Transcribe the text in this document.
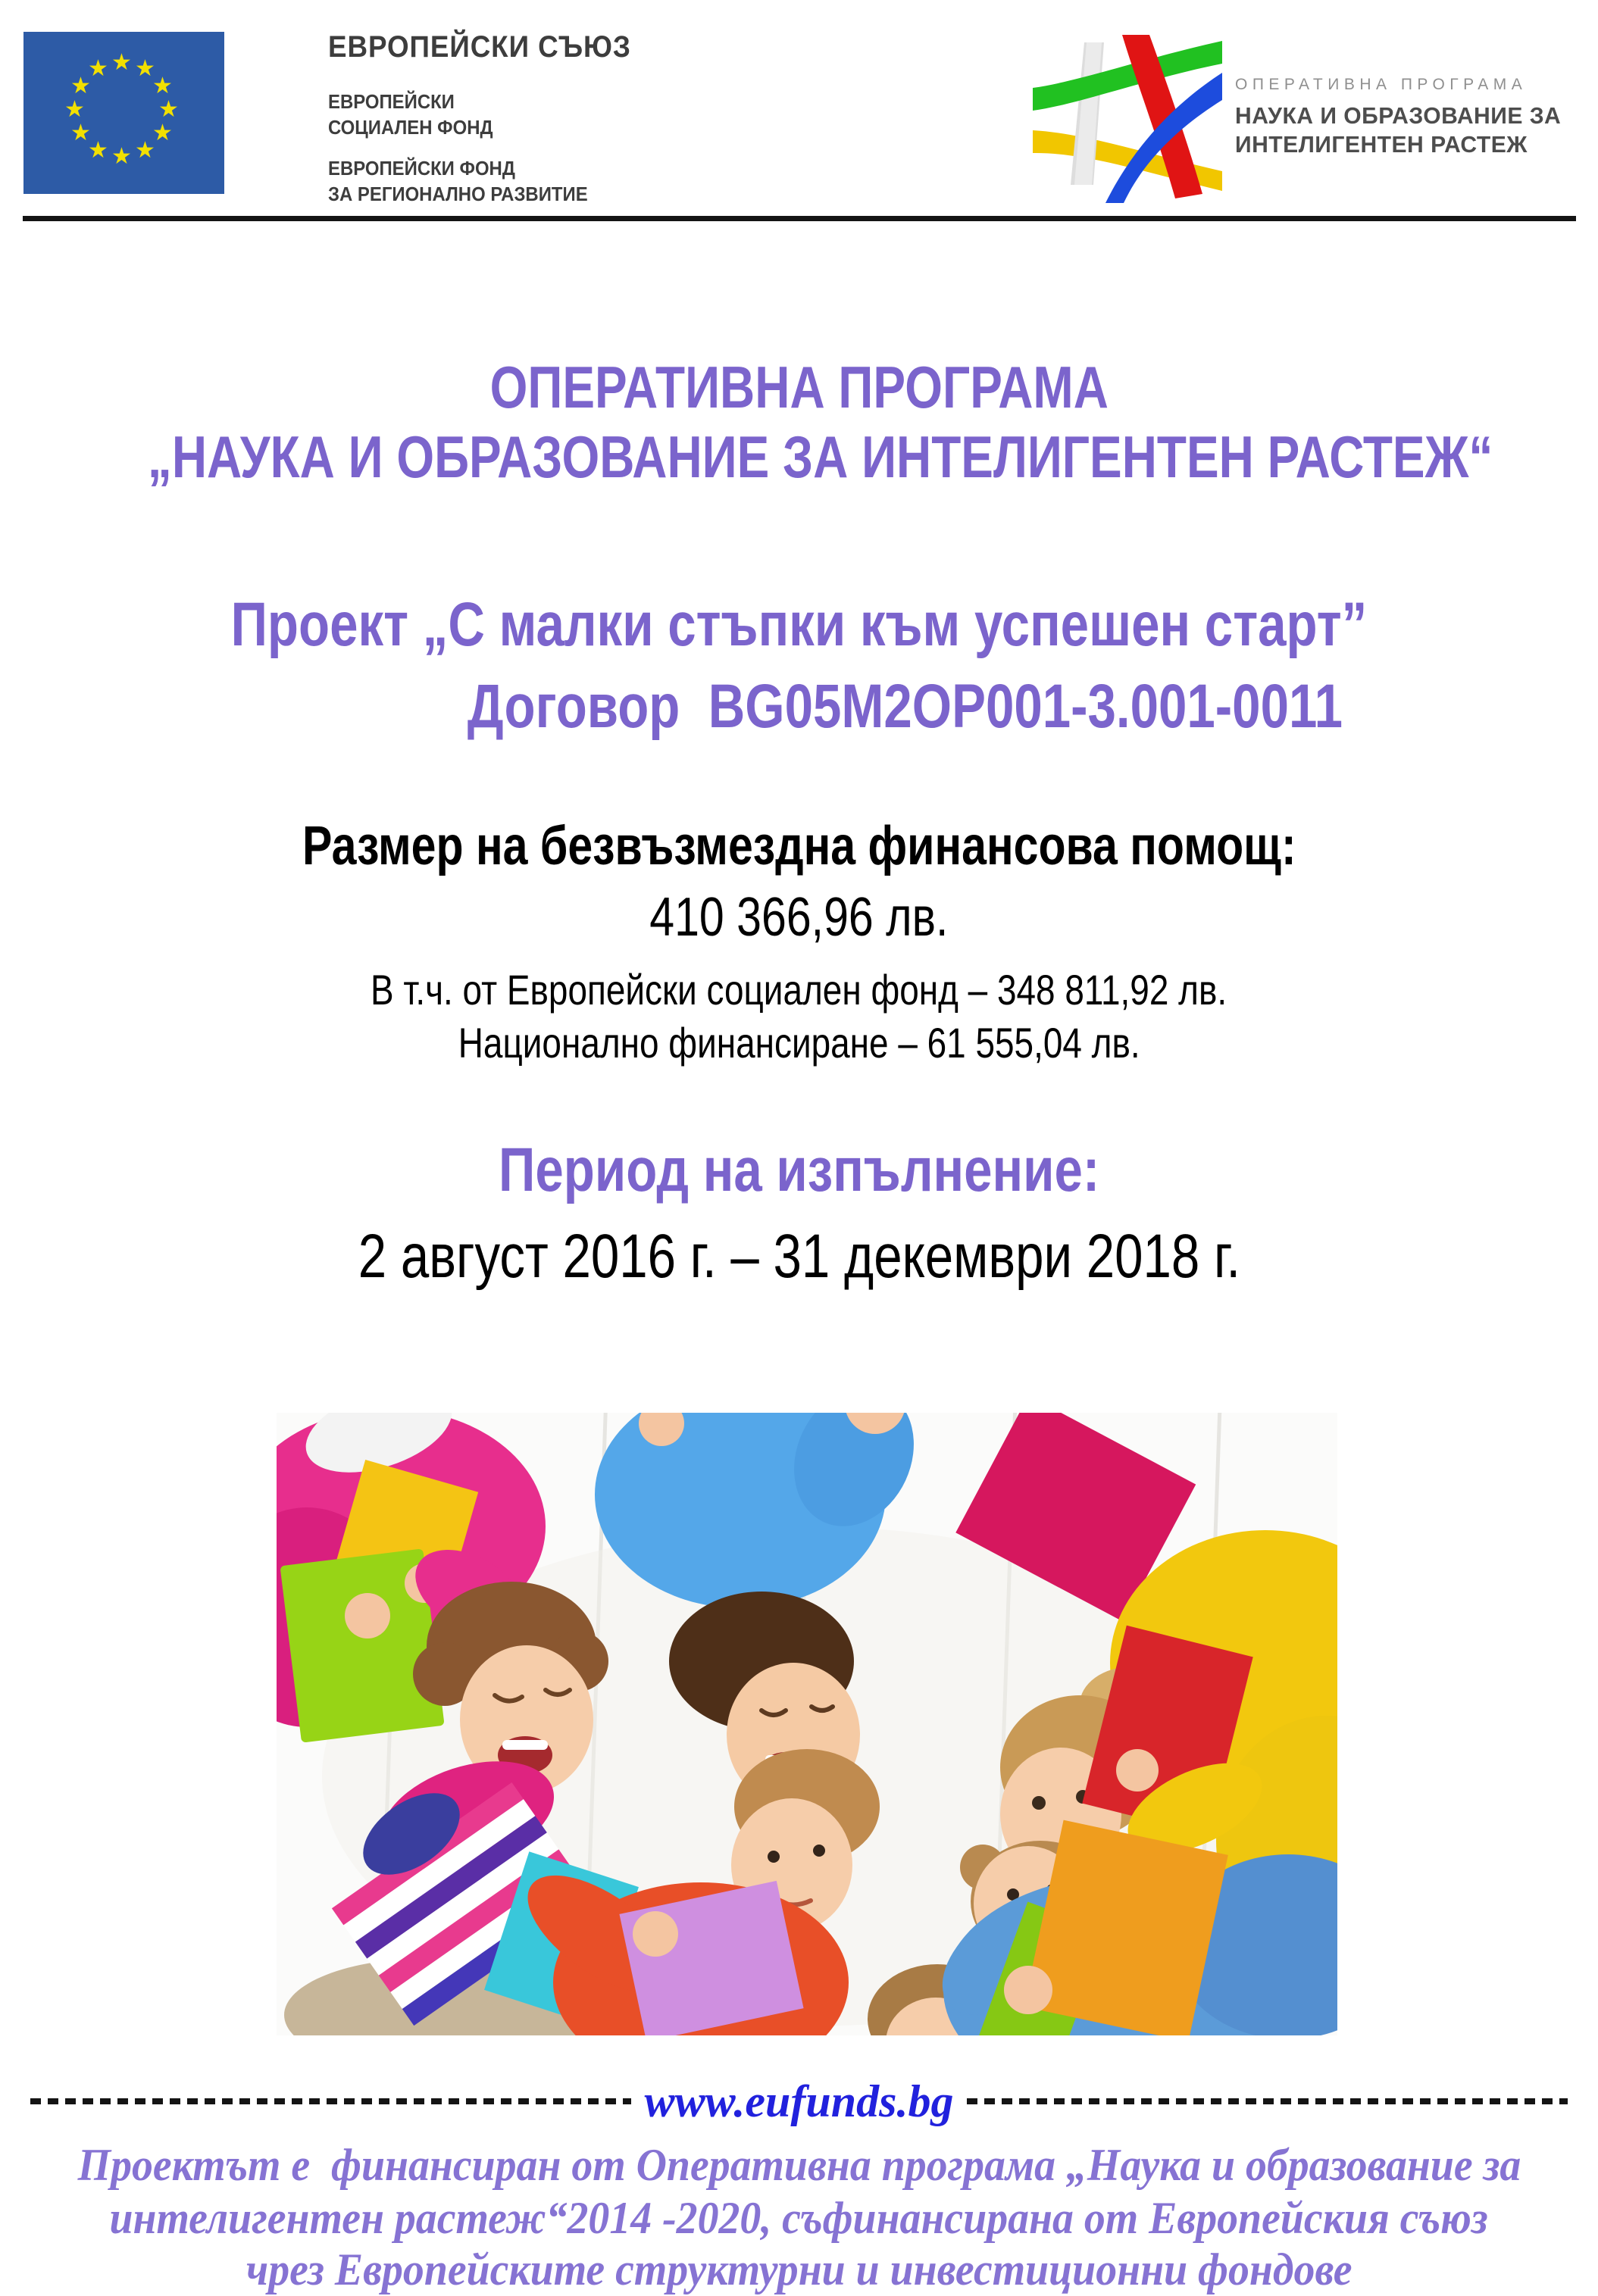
★ ★
★
★
★
★
★
★
★
★
★
★
ЕВРОПЕЙСКИ СЪЮЗ
ЕВРОПЕЙСКИ
СОЦИАЛЕН ФОНД
ЕВРОПЕЙСКИ ФОНД
ЗА РЕГИОНАЛНО РАЗВИТИЕ
ОПЕРАТИВНА ПРОГРАМА
НАУКА И ОБРАЗОВАНИЕ ЗА
ИНТЕЛИГЕНТЕН РАСТЕЖ
ОПЕРАТИВНА ПРОГРАМА
„НАУКА И ОБРАЗОВАНИЕ ЗА ИНТЕЛИГЕНТЕН РАСТЕЖ“
Проект „С малки стъпки към успешен старт”
Договор  BG05M2OP001-3.001-0011
Размер на безвъзмездна финансова помощ:
410 366,96 лв.
В т.ч. от Европейски социален фонд – 348 811,92 лв.
Национално финансиране – 61 555,04 лв.
Период на изпълнение:
2 август 2016 г. – 31 декември 2018 г.
www.eufunds.bg
Проектът е  финансиран от Оперативна програма „Наука и образование за
интелигентен растеж“2014 -2020, съфинансирана от Европейския съюз
чрез Европейските структурни и инвестиционни фондове
